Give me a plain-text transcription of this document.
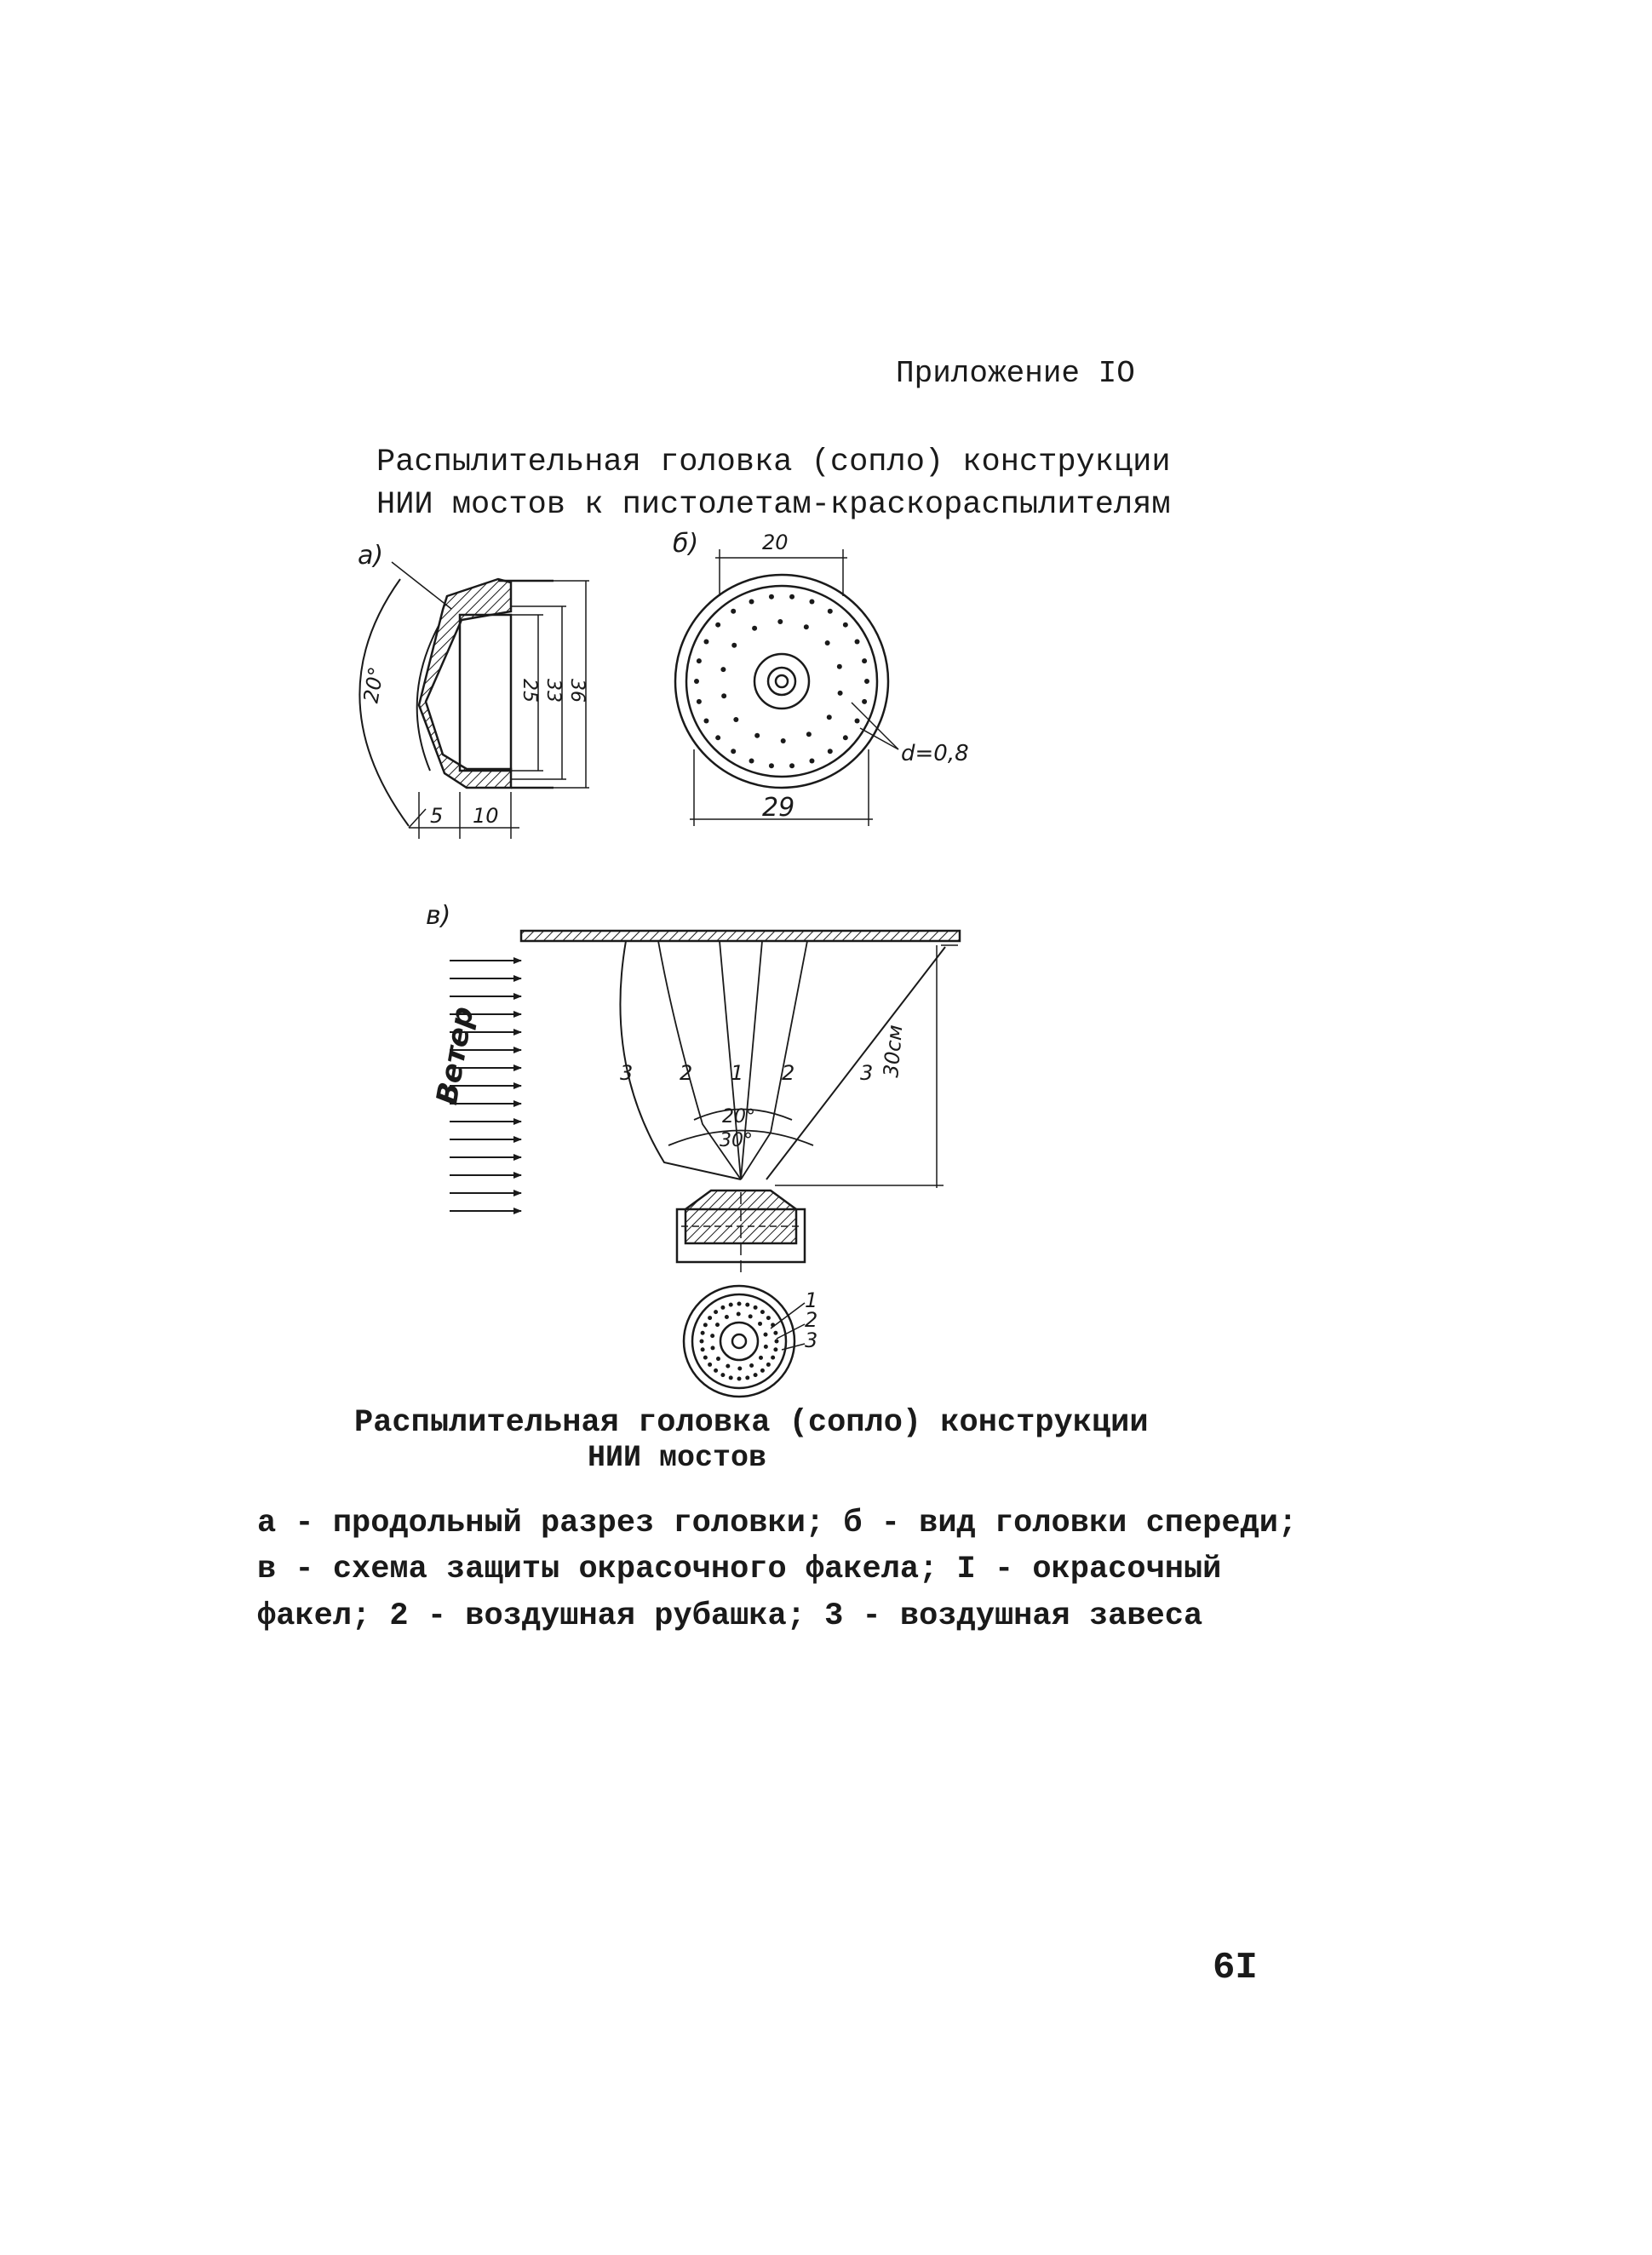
Приложение IO
Распылительная головка (сопло) конструкции
НИИ мостов к пистолетам-краскораспылителям
а)
20°	25 33 36
5 10
б)	20
29
d=0,8
в)
Ветер	30см
20°
30°
3 2 1 2	3
1
2
3
Распылительная головка (сопло) конструкции
НИИ мостов
а - продольный разрез головки; б - вид головки спереди;
в - схема защиты окрасочного факела; I - окрасочный
факел; 2 - воздушная рубашка; 3 - воздушная завеса
6I
